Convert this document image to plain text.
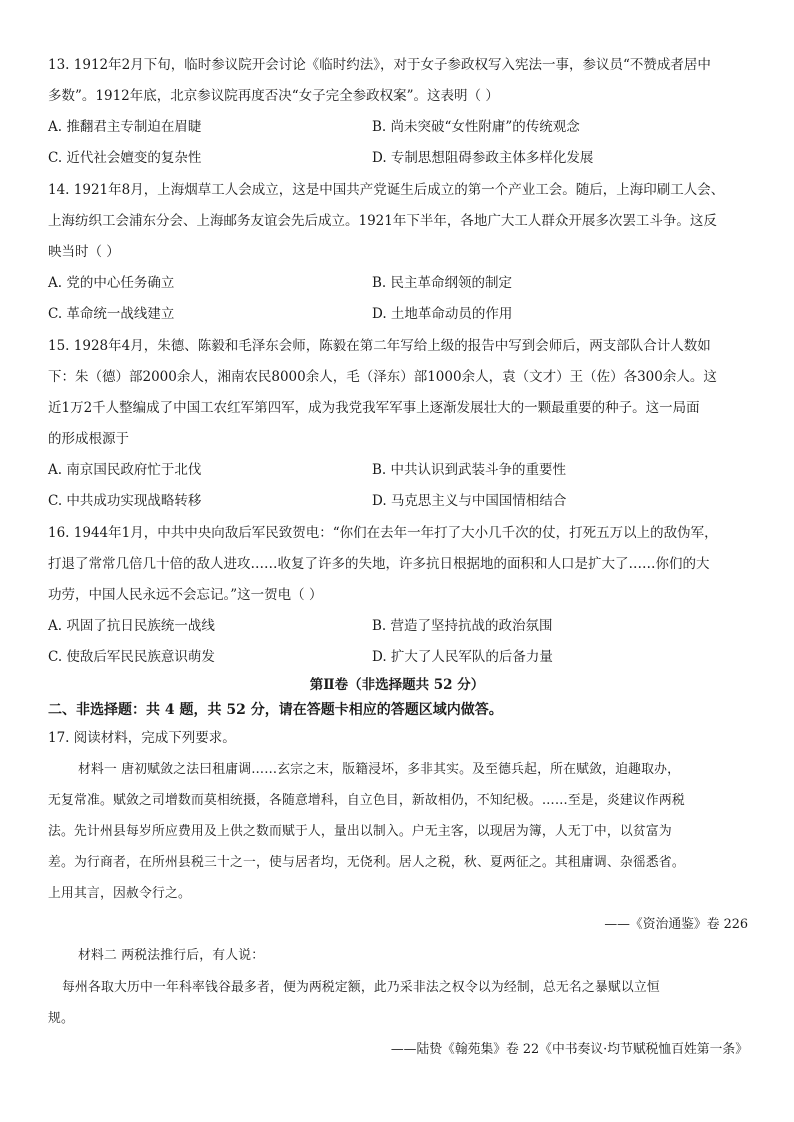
13. 1912年2月下旬，临时参议院开会讨论《临时约法》，对于女子参政权写入宪法一事，参议员“不赞成者居中
多数”。1912年底，北京参议院再度否决“女子完全参政权案”。这表明（ ）
A. 推翻君主专制迫在眉睫	B. 尚未突破“女性附庸”的传统观念
C. 近代社会嬗变的复杂性	D. 专制思想阻碍参政主体多样化发展
14. 1921年8月，上海烟草工人会成立，这是中国共产党诞生后成立的第一个产业工会。随后，上海印刷工人会、
上海纺织工会浦东分会、上海邮务友谊会先后成立。1921年下半年，各地广大工人群众开展多次罢工斗争。这反
映当时（ ）
A. 党的中心任务确立	B. 民主革命纲领的制定
C. 革命统一战线建立	D. 土地革命动员的作用
15. 1928年4月，朱德、陈毅和毛泽东会师，陈毅在第二年写给上级的报告中写到会师后，两支部队合计人数如
下：朱（德）部2000余人，湘南农民8000余人，毛（泽东）部1000余人，袁（文才）王（佐）各300余人。这
近1万2千人整编成了中国工农红军第四军，成为我党我军军事上逐渐发展壮大的一颗最重要的种子。这一局面
的形成根源于
A. 南京国民政府忙于北伐	B. 中共认识到武装斗争的重要性
C. 中共成功实现战略转移	D. 马克思主义与中国国情相结合
16. 1944年1月，中共中央向敌后军民致贺电：“你们在去年一年打了大小几千次的仗，打死五万以上的敌伪军，
打退了常常几倍几十倍的敌人进攻……收复了许多的失地，许多抗日根据地的面积和人口是扩大了……你们的大
功劳，中国人民永远不会忘记。”这一贺电（ ）
A. 巩固了抗日民族统一战线	B. 营造了坚持抗战的政治氛围
C. 使敌后军民民族意识萌发	D. 扩大了人民军队的后备力量
第Ⅱ卷（非选择题共 52 分）
二、非选择题：共 4 题，共 52 分，请在答题卡相应的答题区域内做答。
17. 阅读材料，完成下列要求。
材料一 唐初赋敛之法曰租庸调……玄宗之末，版籍浸坏，多非其实。及至德兵起，所在赋敛，迫趣取办，
无复常准。赋敛之司增数而莫相统摄，各随意增科，自立色目，新故相仍，不知纪极。……至是，炎建议作两税
法。先计州县每岁所应费用及上供之数而赋于人，量出以制入。户无主客，以现居为簿，人无丁中，以贫富为
差。为行商者，在所州县税三十之一，使与居者均，无侥利。居人之税，秋、夏两征之。其租庸调、杂徭悉省。
上用其言，因赦令行之。
——《资治通鉴》卷 226
材料二 两税法推行后，有人说：
每州各取大历中一年科率钱谷最多者，便为两税定额，此乃采非法之权令以为经制，总无名之暴赋以立恒
规。
——陆贽《翰苑集》卷 22《中书奏议·均节赋税恤百姓第一条》
